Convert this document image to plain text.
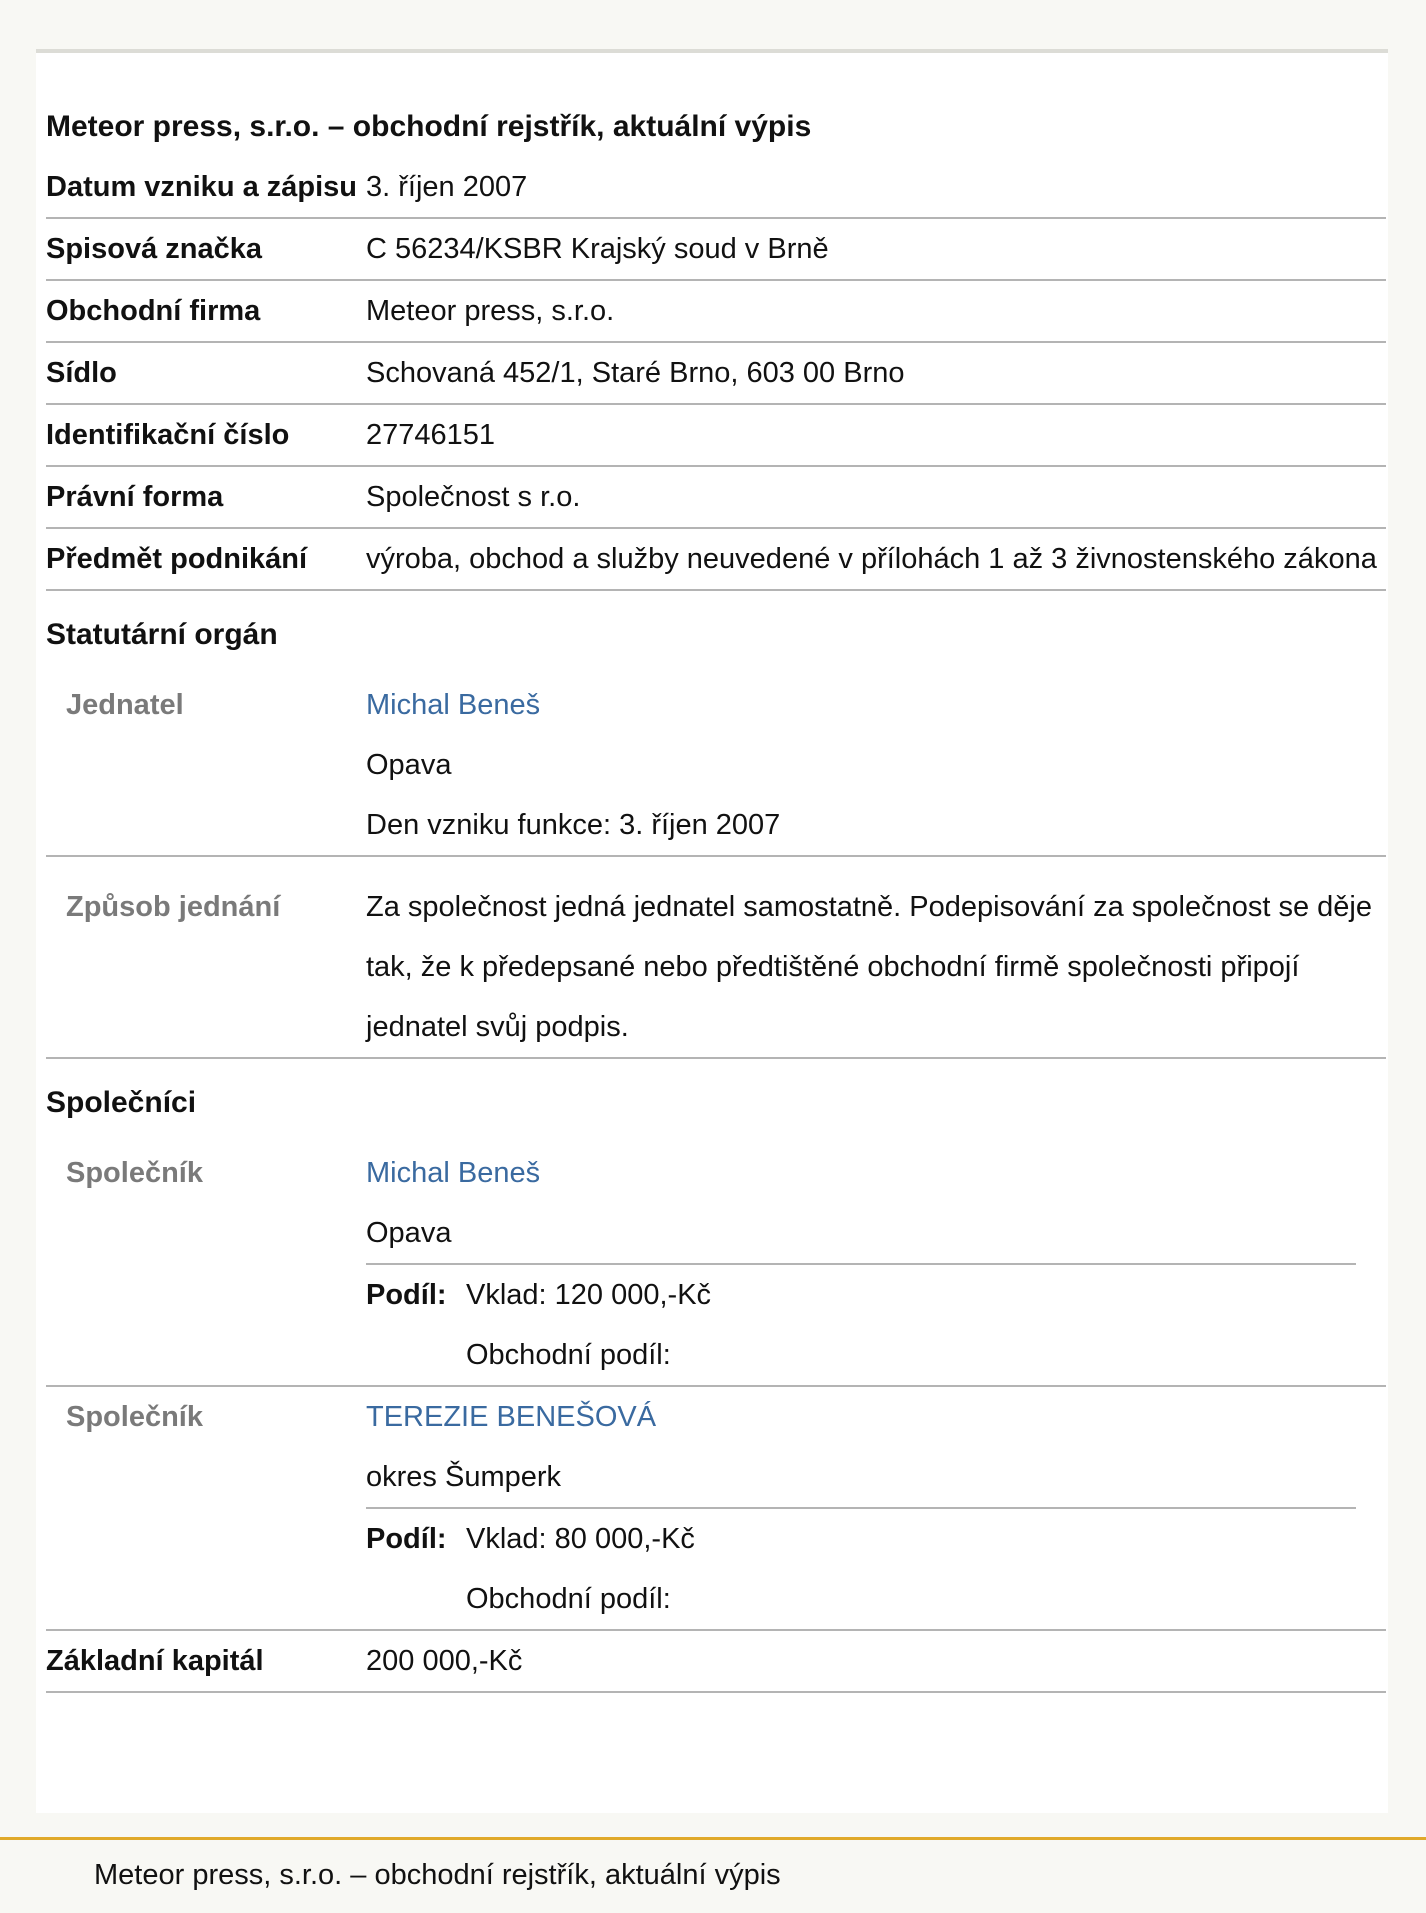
Meteor press, s.r.o. – obchodní rejstřík, aktuální výpis
Datum vzniku a zápisu 3. říjen 2007
Spisová značka	C 56234/KSBR Krajský soud v Brně
Obchodní firma	Meteor press, s.r.o.
Sídlo	Schovaná 452/1, Staré Brno, 603 00 Brno
Identifikační číslo	27746151
Právní forma	Společnost s r.o.
Předmět podnikání	výroba, obchod a služby neuvedené v přílohách 1 až 3 živnostenského zákona
Statutární orgán
Jednatel	Michal Beneš
Opava
Den vzniku funkce: 3. říjen 2007
Způsob jednání	Za společnost jedná jednatel samostatně. Podepisování za společnost se děje tak, že k předepsané nebo předtištěné obchodní firmě společnosti připojí jednatel svůj podpis.
Společníci
Společník	Michal Beneš
Opava
Podíl: Vklad: 120 000,-Kč
Obchodní podíl:
Společník	TEREZIE BENEŠOVÁ
okres Šumperk
Podíl: Vklad: 80 000,-Kč
Obchodní podíl:
Základní kapitál	200 000,-Kč
Meteor press, s.r.o. – obchodní rejstřík, aktuální výpis
